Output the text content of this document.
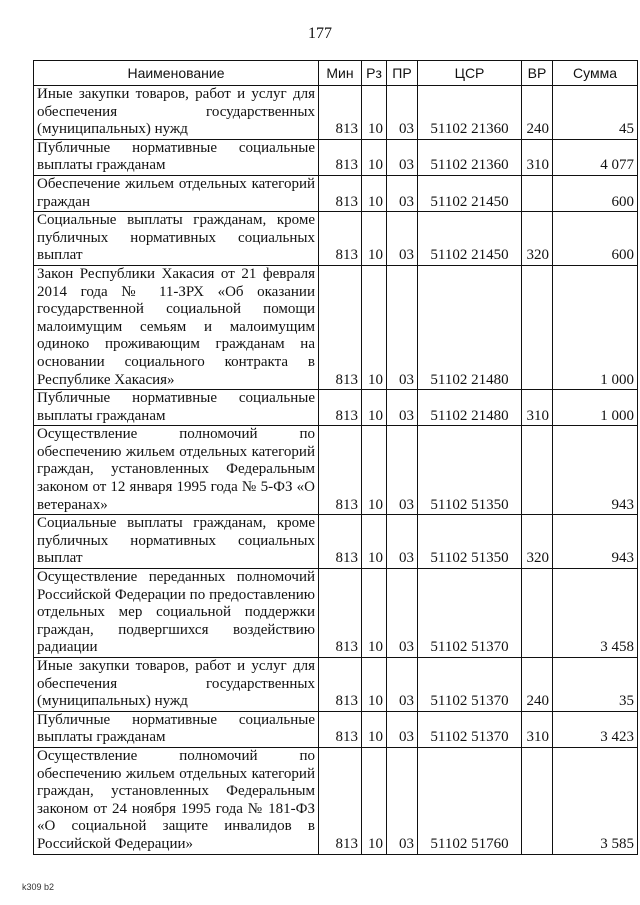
177
Наименование	Мин	Рз	ПР	ЦСР	ВР	Сумма
Иные закупки товаров, работ и услуг для обеспечения государственных (муниципальных) нужд	813	10	03	51102 21360	240	45
Публичные нормативные социальные выплаты гражданам	813	10	03	51102 21360	310	4 077
Обеспечение жильем отдельных категорий граждан	813	10	03	51102 21450		600
Социальные выплаты гражданам, кроме публичных нормативных социальных выплат	813	10	03	51102 21450	320	600
Закон Республики Хакасия от 21 февраля 2014 года № 11-ЗРХ «Об оказании государственной социальной помощи малоимущим семьям и малоимущим одиноко проживающим гражданам на основании социального контракта в Республике Хакасия»	813	10	03	51102 21480		1 000
Публичные нормативные социальные выплаты гражданам	813	10	03	51102 21480	310	1 000
Осуществление полномочий по обеспечению жильем отдельных категорий граждан, установленных Федеральным законом от 12 января 1995 года № 5-ФЗ «О ветеранах»	813	10	03	51102 51350		943
Социальные выплаты гражданам, кроме публичных нормативных социальных выплат	813	10	03	51102 51350	320	943
Осуществление переданных полномочий Российской Федерации по предоставлению отдельных мер социальной поддержки граждан, подвергшихся воздействию радиации	813	10	03	51102 51370		3 458
Иные закупки товаров, работ и услуг для обеспечения государственных (муниципальных) нужд	813	10	03	51102 51370	240	35
Публичные нормативные социальные выплаты гражданам	813	10	03	51102 51370	310	3 423
Осуществление полномочий по обеспечению жильем отдельных категорий граждан, установленных Федеральным законом от 24 ноября 1995 года № 181-ФЗ «О социальной защите инвалидов в Российской Федерации»	813	10	03	51102 51760		3 585
k309 b2
